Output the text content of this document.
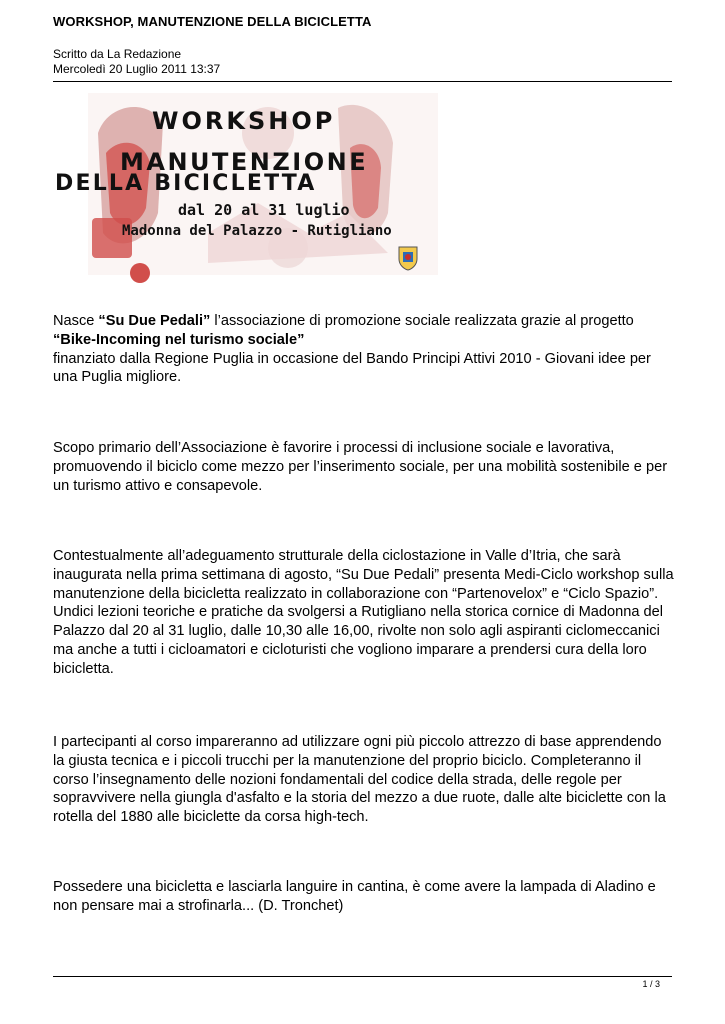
WORKSHOP, MANUTENZIONE DELLA BICICLETTA
Scritto da La Redazione
Mercoledì 20 Luglio 2011 13:37
WORKSHOP
MANUTENZIONE
DELLA BICICLETTA
dal 20 al 31 luglio
Madonna del Palazzo - Rutigliano

Nasce “Su Due Pedali” l’associazione di promozione sociale realizzata grazie al progetto “Bike-Incoming nel turismo sociale”
finanziato dalla Regione Puglia in occasione del Bando Principi Attivi 2010 - Giovani idee per una Puglia migliore.

Scopo primario dell’Associazione è favorire i processi di inclusione sociale e lavorativa, promuovendo il biciclo come mezzo per l’inserimento sociale, per una mobilità sostenibile e per un turismo attivo e consapevole.

Contestualmente all’adeguamento strutturale della ciclostazione in Valle d’Itria, che sarà inaugurata nella prima settimana di agosto, “Su Due Pedali” presenta Medi-Ciclo workshop sulla manutenzione della bicicletta realizzato in collaborazione con “Partenovelox” e “Ciclo Spazio”. Undici lezioni teoriche e pratiche da svolgersi a Rutigliano nella storica cornice di Madonna del Palazzo dal 20 al 31 luglio, dalle 10,30 alle 16,00, rivolte non solo agli aspiranti ciclomeccanici ma anche a tutti i cicloamatori e cicloturisti che vogliono imparare a prendersi cura della loro bicicletta.

I partecipanti al corso impareranno ad utilizzare ogni più piccolo attrezzo di base apprendendo la giusta tecnica e i piccoli trucchi per la manutenzione del proprio biciclo. Completeranno il corso l’insegnamento delle nozioni fondamentali del codice della strada, delle regole per sopravvivere nella giungla d'asfalto e la storia del mezzo a due ruote, dalle alte biciclette con la rotella del 1880 alle biciclette da corsa high-tech.

Possedere una bicicletta e lasciarla languire in cantina, è come avere la lampada di Aladino e non pensare mai a strofinarla... (D. Tronchet)

1 / 3
